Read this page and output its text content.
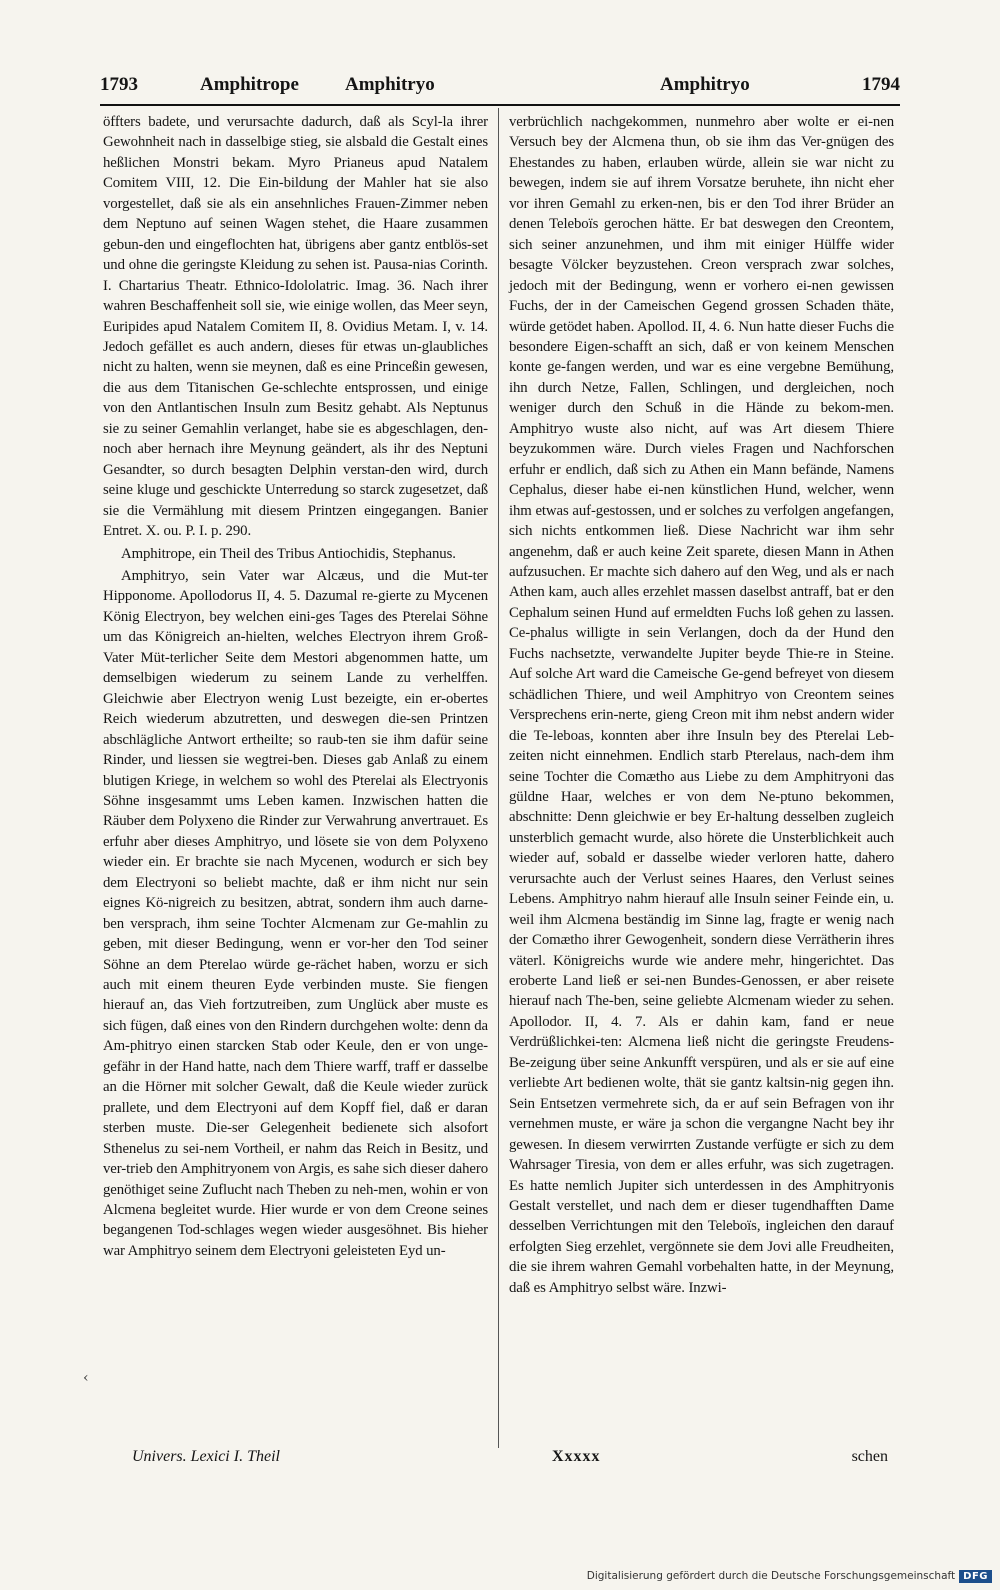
1793	Amphitrope Amphitryo	Amphitryo	1794

öffters badete, und verursachte dadurch, daß als Scyl-la ihrer Gewohnheit nach in dasselbige stieg, sie alsbald die Gestalt eines heßlichen Monstri bekam. Myro Prianeus apud Natalem Comitem VIII, 12. Die Ein-bildung der Mahler hat sie also vorgestellet, daß sie als ein ansehnliches Frauen-Zimmer neben dem Neptuno auf seinen Wagen stehet, die Haare zusammen gebun-den und eingeflochten hat, übrigens aber gantz entblös-set und ohne die geringste Kleidung zu sehen ist. Pausa-nias Corinth. I. Chartarius Theatr. Ethnico-Idololatric. Imag. 36. Nach ihrer wahren Beschaffenheit soll sie, wie einige wollen, das Meer seyn, Euripides apud Natalem Comitem II, 8. Ovidius Metam. I, v. 14. Jedoch gefället es auch andern, dieses für etwas un-glaubliches nicht zu halten, wenn sie meynen, daß es eine Princeßin gewesen, die aus dem Titanischen Ge-schlechte entsprossen, und einige von den Antlantischen Insuln zum Besitz gehabt. Als Neptunus sie zu seiner Gemahlin verlanget, habe sie es abgeschlagen, den-noch aber hernach ihre Meynung geändert, als ihr des Neptuni Gesandter, so durch besagten Delphin verstan-den wird, durch seine kluge und geschickte Unterredung so starck zugesetzet, daß sie die Vermählung mit diesem Printzen eingegangen. Banier Entret. X. ou. P. I. p. 290.

Amphitrope, ein Theil des Tribus Antiochidis, Stephanus.

Amphitryo, sein Vater war Alcæus, und die Mut-ter Hipponome. Apollodorus II, 4. 5. Dazumal re-gierte zu Mycenen König Electryon, bey welchen eini-ges Tages des Pterelai Söhne um das Königreich an-hielten, welches Electryon ihrem Groß-Vater Müt-terlicher Seite dem Mestori abgenommen hatte, um demselbigen wiederum zu seinem Lande zu verhelffen. Gleichwie aber Electryon wenig Lust bezeigte, ein er-obertes Reich wiederum abzutretten, und deswegen die-sen Printzen abschlägliche Antwort ertheilte; so raub-ten sie ihm dafür seine Rinder, und liessen sie wegtrei-ben. Dieses gab Anlaß zu einem blutigen Kriege, in welchem so wohl des Pterelai als Electryonis Söhne insgesammt ums Leben kamen. Inzwischen hatten die Räuber dem Polyxeno die Rinder zur Verwahrung anvertrauet. Es erfuhr aber dieses Amphitryo, und lösete sie von dem Polyxeno wieder ein. Er brachte sie nach Mycenen, wodurch er sich bey dem Electryoni so beliebt machte, daß er ihm nicht nur sein eignes Kö-nigreich zu besitzen, abtrat, sondern ihm auch darne-ben versprach, ihm seine Tochter Alcmenam zur Ge-mahlin zu geben, mit dieser Bedingung, wenn er vor-her den Tod seiner Söhne an dem Pterelao würde ge-rächet haben, worzu er sich auch mit einem theuren Eyde verbinden muste. Sie fiengen hierauf an, das Vieh fortzutreiben, zum Unglück aber muste es sich fügen, daß eines von den Rindern durchgehen wolte: denn da Am-phitryo einen starcken Stab oder Keule, den er von unge-gefähr in der Hand hatte, nach dem Thiere warff, traff er dasselbe an die Hörner mit solcher Gewalt, daß die Keule wieder zurück prallete, und dem Electryoni auf dem Kopff fiel, daß er daran sterben muste. Die-ser Gelegenheit bedienete sich alsofort Sthenelus zu sei-nem Vortheil, er nahm das Reich in Besitz, und ver-trieb den Amphitryonem von Argis, es sahe sich dieser dahero genöthiget seine Zuflucht nach Theben zu neh-men, wohin er von Alcmena begleitet wurde. Hier wurde er von dem Creone seines begangenen Tod-schlages wegen wieder ausgesöhnet. Bis hieher war Amphitryo seinem dem Electryoni geleisteten Eyd un-

verbrüchlich nachgekommen, nunmehro aber wolte er ei-nen Versuch bey der Alcmena thun, ob sie ihm das Ver-gnügen des Ehestandes zu haben, erlauben würde, allein sie war nicht zu bewegen, indem sie auf ihrem Vorsatze beruhete, ihn nicht eher vor ihren Gemahl zu erken-nen, bis er den Tod ihrer Brüder an denen Teleboïs gerochen hätte. Er bat deswegen den Creontem, sich seiner anzunehmen, und ihm mit einiger Hülffe wider besagte Völcker beyzustehen. Creon versprach zwar solches, jedoch mit der Bedingung, wenn er vorhero ei-nen gewissen Fuchs, der in der Cameischen Gegend grossen Schaden thäte, würde getödet haben. Apollod. II, 4. 6. Nun hatte dieser Fuchs die besondere Eigen-schafft an sich, daß er von keinem Menschen konte ge-fangen werden, und war es eine vergebne Bemühung, ihn durch Netze, Fallen, Schlingen, und dergleichen, noch weniger durch den Schuß in die Hände zu bekom-men. Amphitryo wuste also nicht, auf was Art diesem Thiere beyzukommen wäre. Durch vieles Fragen und Nachforschen erfuhr er endlich, daß sich zu Athen ein Mann befände, Namens Cephalus, dieser habe ei-nen künstlichen Hund, welcher, wenn ihm etwas auf-gestossen, und er solches zu verfolgen angefangen, sich nichts entkommen ließ. Diese Nachricht war ihm sehr angenehm, daß er auch keine Zeit sparete, diesen Mann in Athen aufzusuchen. Er machte sich dahero auf den Weg, und als er nach Athen kam, auch alles erzehlet massen daselbst antraff, bat er den Cephalum seinen Hund auf ermeldten Fuchs loß gehen zu lassen. Ce-phalus willigte in sein Verlangen, doch da der Hund den Fuchs nachsetzte, verwandelte Jupiter beyde Thie-re in Steine. Auf solche Art ward die Cameische Ge-gend befreyet von diesem schädlichen Thiere, und weil Amphitryo von Creontem seines Versprechens erin-nerte, gieng Creon mit ihm nebst andern wider die Te-leboas, konnten aber ihre Insuln bey des Pterelai Leb-zeiten nicht einnehmen. Endlich starb Pterelaus, nach-dem ihm seine Tochter die Comætho aus Liebe zu dem Amphitryoni das güldne Haar, welches er von dem Ne-ptuno bekommen, abschnitte: Denn gleichwie er bey Er-haltung desselben zugleich unsterblich gemacht wurde, also hörete die Unsterblichkeit auch wieder auf, sobald er dasselbe wieder verloren hatte, dahero verursachte auch der Verlust seines Haares, den Verlust seines Lebens. Amphitryo nahm hierauf alle Insuln seiner Feinde ein, u. weil ihm Alcmena beständig im Sinne lag, fragte er wenig nach der Comætho ihrer Gewogenheit, sondern diese Verrätherin ihres väterl. Königreichs wurde wie andere mehr, hingerichtet. Das eroberte Land ließ er sei-nen Bundes-Genossen, er aber reisete hierauf nach The-ben, seine geliebte Alcmenam wieder zu sehen. Apollodor. II, 4. 7. Als er dahin kam, fand er neue Verdrüßlichkei-ten: Alcmena ließ nicht die geringste Freudens-Be-zeigung über seine Ankunfft verspüren, und als er sie auf eine verliebte Art bedienen wolte, thät sie gantz kaltsin-nig gegen ihn. Sein Entsetzen vermehrete sich, da er auf sein Befragen von ihr vernehmen muste, er wäre ja schon die vergangne Nacht bey ihr gewesen. In diesem verwirrten Zustande verfügte er sich zu dem Wahrsager Tiresia, von dem er alles erfuhr, was sich zugetragen. Es hatte nemlich Jupiter sich unterdessen in des Amphitryonis Gestalt verstellet, und nach dem er dieser tugendhafften Dame desselben Verrichtungen mit den Teleboïs, ingleichen den darauf erfolgten Sieg erzehlet, vergönnete sie dem Jovi alle Freudheiten, die sie ihrem wahren Gemahl vorbehalten hatte, in der Meynung, daß es Amphitryo selbst wäre. Inzwi-

‹
Univers. Lexici I. Theil	Xxxxx	schen
Digitalisierung gefördert durch die Deutsche Forschungsgemeinschaft DFG
